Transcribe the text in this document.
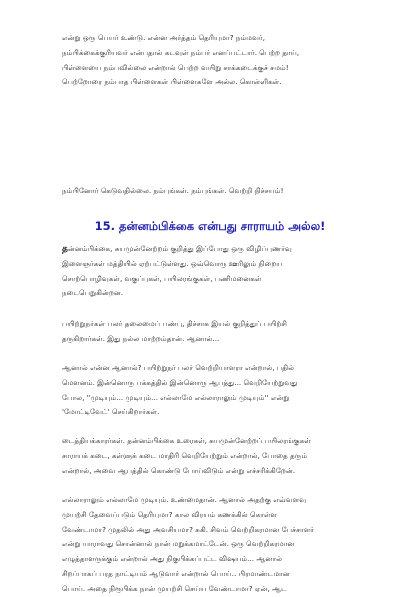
என்று ஒரு பெயர் உண்டு. என்ன அர்த்தம் தெரியுமா? நம்மவர்,
நம்பிக்கைக்குரியவர் என்பதால் கடவுள் நம்பர் எனப்பட்டார். பெற்ற தாய்,
பிள்ளையை நம்பவில்லை என்றால் பெற்ற வயிறு சாக்கடைக்குச் சமம்!
பெற்றோரை நம்பாத பிள்ளைகள் பிள்ளைகளே அல்ல. கொள்ளிகள்.

நம்பினோர் கெடுவதில்லை. நம்புங்கள். நம்புங்கள். வெற்றி நிச்சயம்!

15. தன்னம்பிக்கை என்பது சாராயம் அல்ல!

தன்னம்பிக்கை, சுயமுன்னேற்றம் குறித்து இப்போது ஒரு விழிப்புணர்வு
இளைஞர்கள் மத்தியில் ஏற்பட்டுள்ளது. ஒவ்வொரு ஊரிலும் நிறைய
சொற்பொழிவுகள், வகுப்புகள், பயிலரங்குகள், பணிமனைகள்
நடைபெறுகின்றன.

பயிற்றுநர்கள் பலர் தலைமைப் பண்பு, திச்சாக இயல் குறித்துப் பயிற்சி
தருகிறார்கள். இது நல்ல மாற்றம்தான். ஆனால்...

ஆனால் என்ன ஆனால்? பயிற்றுநர் பலர் வெற்றியாளரா என்றால், பதில்
மௌனம். இன்னொரு பக்கத்தில் இன்னொரு ஆபத்து... வெறியேற்றுவது
போல, ''முடியும்... முடியும்... எல்லாமே எல்லாராலும் முடியும்'' என்று
'மோட்டிவேட்' செய்கிறார்கள்.

டைத்தியக்காரர்கள். தன்னம்பிக்கை உரைகள், சுயமுன்னேற்றப் பயிலரங்குகள்
சாராயக் கடை, கள்ளுக் கடை மாதிரி வெறியேற்றும் என்றால், போதை தரும்
என்றால், அவை ஆபத்தில் கொண்டு போய்விடும் என்று எச்சரிக்கிறேன்.

எல்லாராலும் எல்லாமே முடியும். உண்மைதான். ஆனால் அதற்கு எவ்வளவு
முயற்சி தேவைப்படும் தெரியுமா? கால விரயம் கணக்கில் கொள்ள
வேண்டாமா? முதலில் அது அவசியமா? சுகி. சிவம் வெற்றிகரமான பேச்சாளர்
என்று யாராவது சொன்னால் நான் மறுக்கமாட்டேன். ஒரு வெற்றிகரமான
எழுத்தாளருக்கும் என்றால் அது நிகுபிக்கப்பட்ட விஷயம்... ஆனால்
சிறப்பாகப் பரத நாட்டியம் ஆடுவார் என்றால் பொய்.. பிரமாண்டமான
பொய். அதை நிரூபிக்க நான் முயற்சி செய்ய வேண்டாமா? ஏன், ஆட
